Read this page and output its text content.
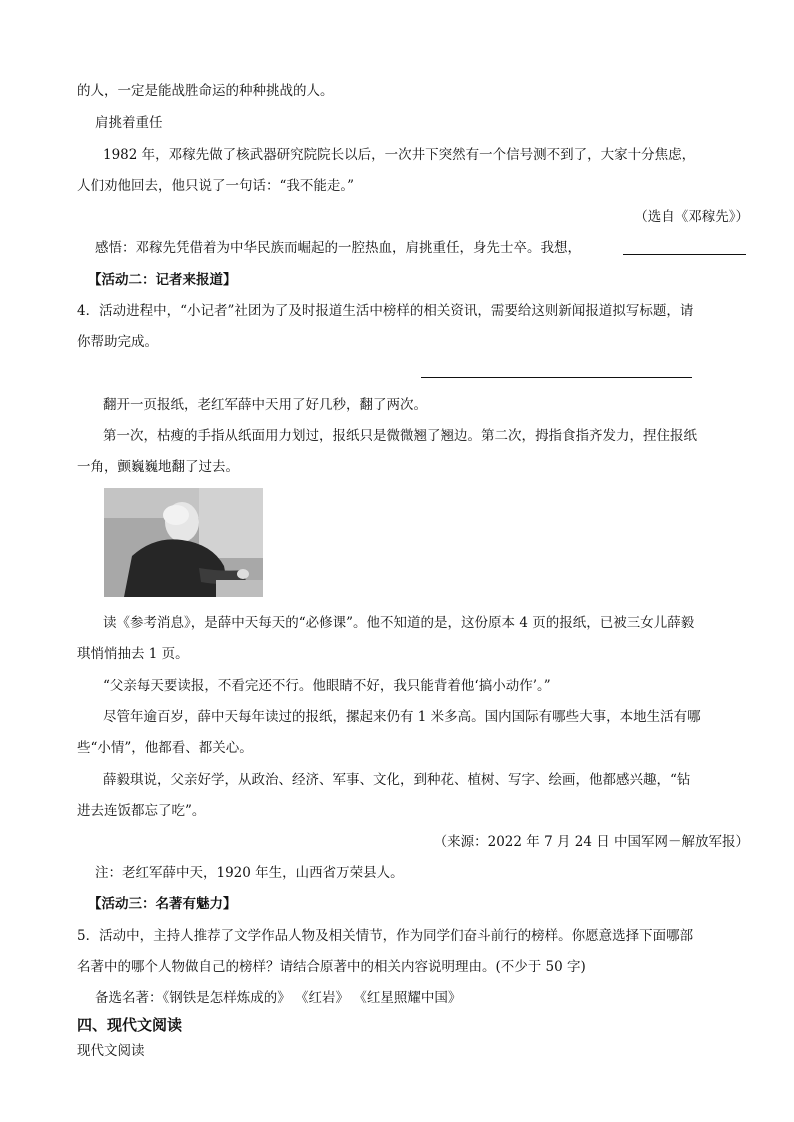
的人，一定是能战胜命运的种种挑战的人。
肩挑着重任
1982 年，邓稼先做了核武器研究院院长以后，一次井下突然有一个信号测不到了，大家十分焦虑，
人们劝他回去，他只说了一句话：“我不能走。”
（选自《邓稼先》）
感悟：邓稼先凭借着为中华民族而崛起的一腔热血，肩挑重任，身先士卒。我想，
【活动二：记者来报道】
4．活动进程中，“小记者”社团为了及时报道生活中榜样的相关资讯，需要给这则新闻报道拟写标题，请
你帮助完成。
翻开一页报纸，老红军薛中天用了好几秒，翻了两次。
第一次，枯瘦的手指从纸面用力划过，报纸只是微微翘了翘边。第二次，拇指食指齐发力，捏住报纸
一角，颤巍巍地翻了过去。
读《参考消息》，是薛中天每天的“必修课”。他不知道的是，这份原本 4 页的报纸，已被三女儿薛毅
琪悄悄抽去 1 页。
“父亲每天要读报，不看完还不行。他眼睛不好，我只能背着他‘搞小动作’。”
尽管年逾百岁，薛中天每年读过的报纸，摞起来仍有 1 米多高。国内国际有哪些大事，本地生活有哪
些“小情”，他都看、都关心。
薛毅琪说，父亲好学，从政治、经济、军事、文化，到种花、植树、写字、绘画，他都感兴趣，“钻
进去连饭都忘了吃”。
（来源：2022 年 7 月 24 日 中国军网－解放军报）
注：老红军薛中天，1920 年生，山西省万荣县人。
【活动三：名著有魅力】
5．活动中，主持人推荐了文学作品人物及相关情节，作为同学们奋斗前行的榜样。你愿意选择下面哪部
名著中的哪个人物做自己的榜样？请结合原著中的相关内容说明理由。(不少于 50 字)
备选名著：《钢铁是怎样炼成的》 《红岩》 《红星照耀中国》
四、现代文阅读
现代文阅读
